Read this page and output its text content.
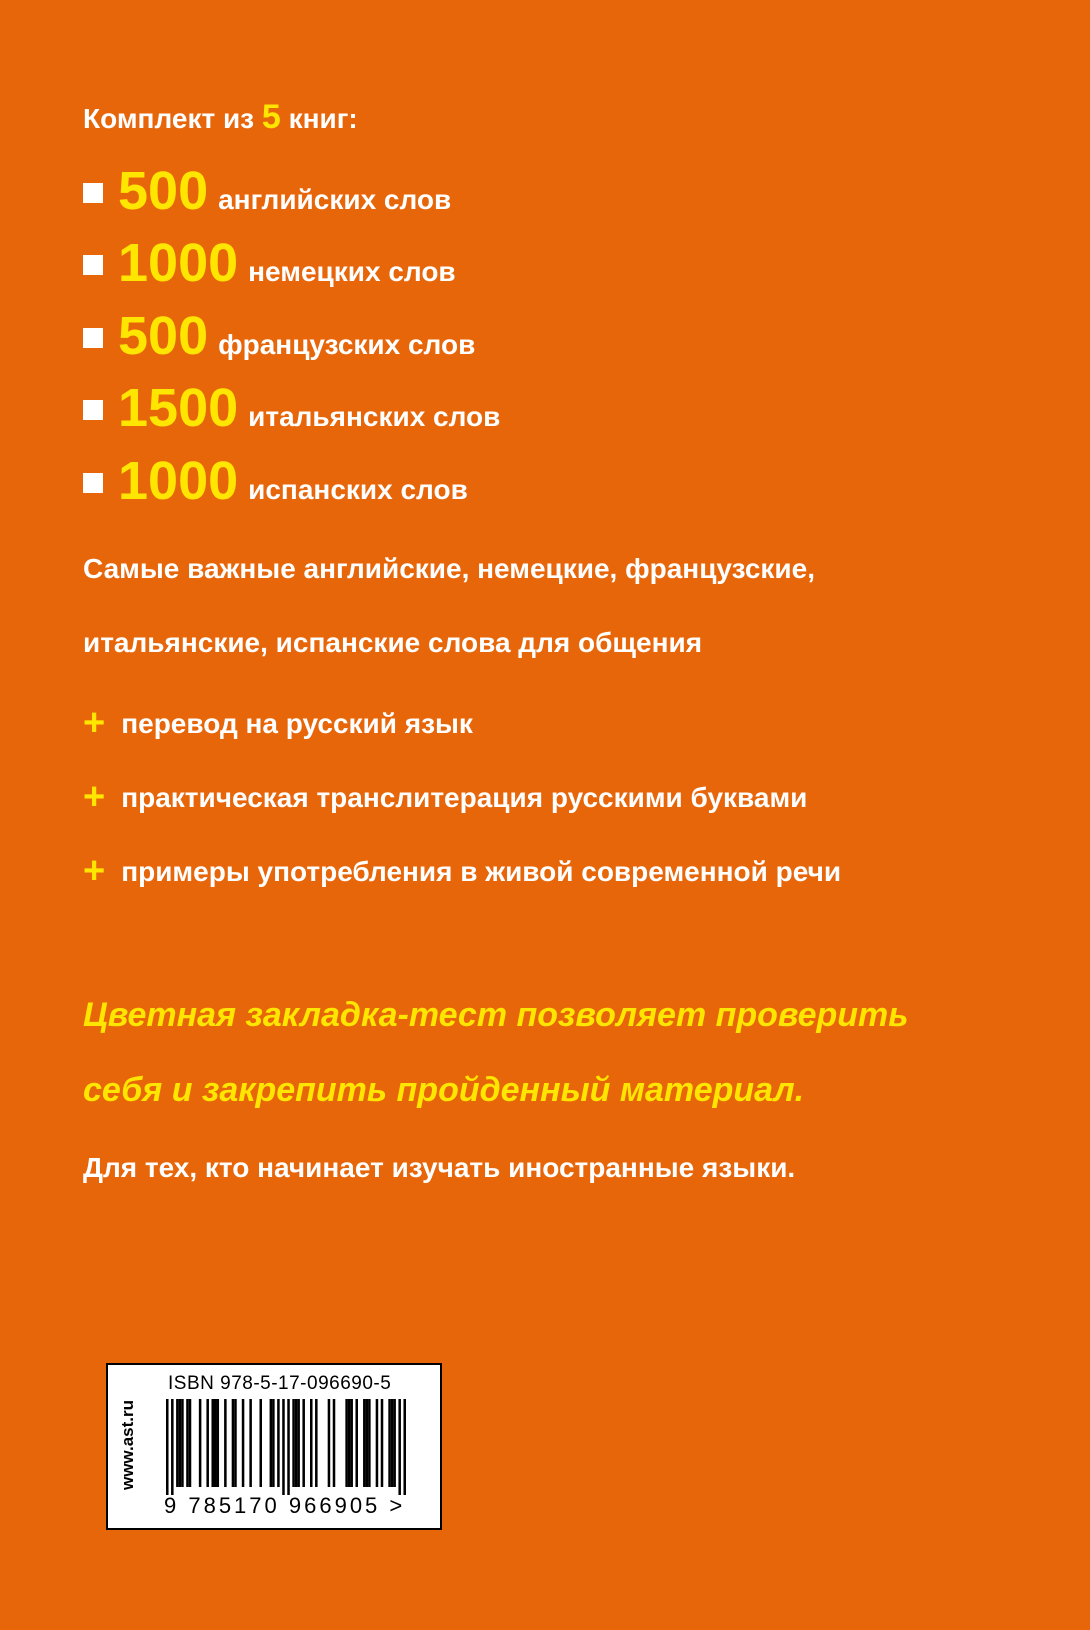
Комплект из 5 книг:
500 английских слов
1000 немецких слов
500 французских слов
1500 итальянских слов
1000 испанских слов
Самые важные английские, немецкие, французские,
итальянские, испанские слова для общения
+ перевод на русский язык
+ практическая транслитерация русскими буквами
+ примеры употребления в живой современной речи
Цветная закладка-тест позволяет проверить
себя и закрепить пройденный материал.
Для тех, кто начинает изучать иностранные языки.
www.ast.ru
ISBN 978-5-17-096690-5
9 785170 966905 >
